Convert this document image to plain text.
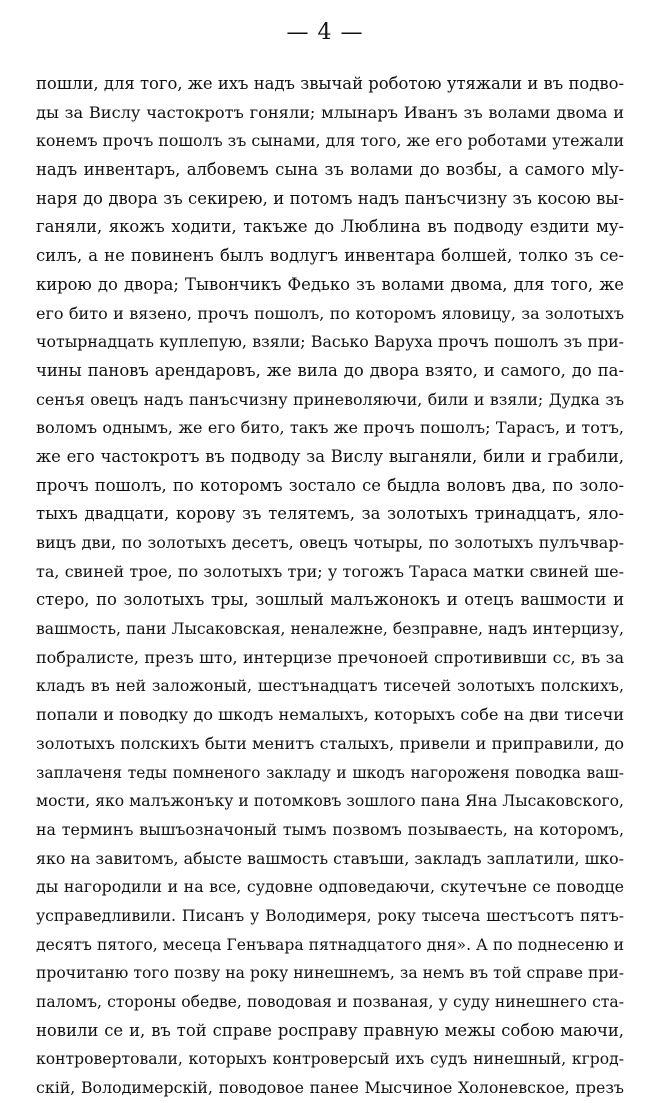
— 4 —
пошли, для того, же ихъ надъ звычай роботою утяжали и въ подво-
ды за Вислу частокротъ гоняли; млынаръ Иванъ зъ волами двома и
конемъ прочъ пошолъ зъ сынами, для того, же его роботами утежали
надъ инвентаръ, албовемъ сына зъ волами до возбы, а самого мly-
наря до двора зъ секирею, и потомъ надъ панъсчизну зъ косою вы-
ганяли, якожъ ходити, такъже до Люблина въ подводу ездити му-
силъ, а не повиненъ былъ водлугъ инвентара болшей, толко зъ се-
кирою до двора; Тывончикъ Федько зъ волами двома, для того, же
его бито и вязено, прочъ пошолъ, по которомъ яловицу, за золотыхъ
чотырнадцать куплепую, взяли; Васько Варуха прочъ пошолъ зъ при-
чины пановъ арендаровъ, же вила до двора взято, и самого, до па-
сенъя овецъ надъ панъсчизну приневоляючи, били и взяли; Дудка зъ
воломъ однымъ, же его бито, такъ же прочъ пошолъ; Тарасъ, и тотъ,
же его частокротъ въ подводу за Вислу выганяли, били и грабили,
прочъ пошолъ, по которомъ зостало се быдла воловъ два, по золо-
тыхъ двадцати, корову зъ телятемъ, за золотыхъ тринадцатъ, яло-
вицъ дви, по золотыхъ десетъ, овецъ чотыры, по золотыхъ пулъчвар-
та, свиней трое, по золотыхъ три; у тогожъ Тараса матки свиней ше-
стеро, по золотыхъ тры, зошлый малъжонокъ и отецъ вашмости и
вашмость, пани Лысаковская, неналежне, безправне, надъ интерцизу,
побралисте, презъ што, интерцизе пречоноей спротививши сс, въ за
кладъ въ ней заложоный, шестънадцатъ тисечей золотыхъ полскихъ,
попали и поводку до шкодъ немалыхъ, которыхъ собе на дви тисечи
золотыхъ полскихъ быти менитъ сталыхъ, привели и приправили, до
заплаченя теды помненого закладу и шкодъ нагороженя поводка ваш-
мости, яко малъжонъку и потомковъ зошлого пана Яна Лысаковского,
на терминъ вышъозначоный тымъ позвомъ позываесть, на которомъ,
яко на завитомъ, абысте вашмость ставъши, закладъ заплатили, шко-
ды нагородили и на все, судовне одповедаючи, скутечъне се поводце
усправедливили. Писанъ у Володимеря, року тысеча шестъсотъ пятъ-
десятъ пятого, месеца Генъвара пятнадцатого дня». А по поднесеню и
прочитаню того позву на року нинешнемъ, за немъ въ той справе при-
паломъ, стороны обедве, поводовая и позваная, у суду нинешнего ста-
новили се и, въ той справе росправу правную межы собою маючи,
контровертовали, которыхъ контроверсый ихъ судъ нинешный, кгрод-
скій, Володимерскій, поводовое панее Мысчиное Холоневское, презъ
